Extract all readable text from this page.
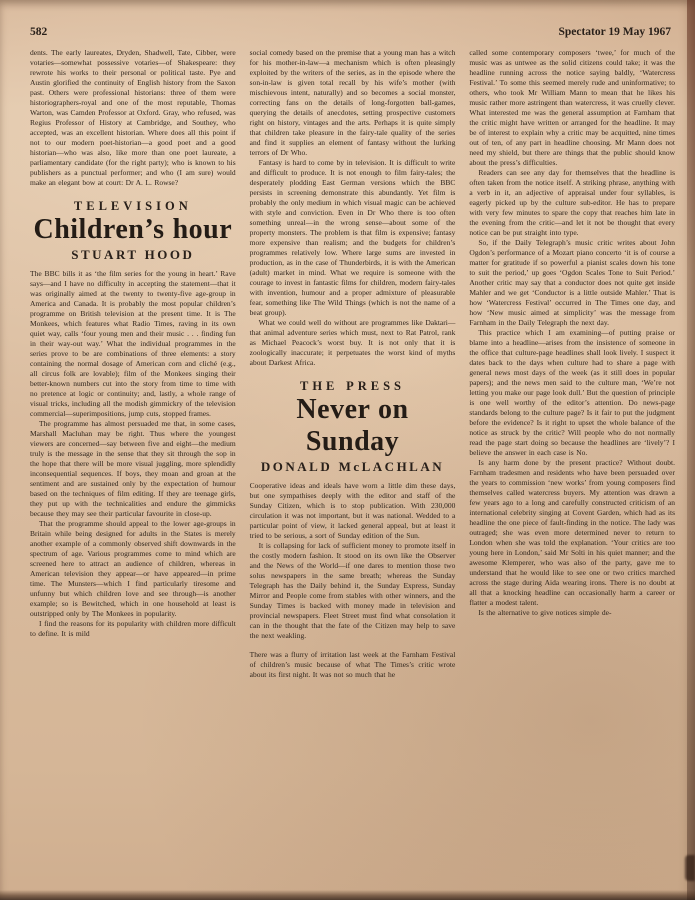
582	Spectator 19 May 1967

dents. The early laureates, Dryden, Shadwell, Tate, Cibber, were votaries—somewhat possessive votaries—of Shakespeare: they rewrote his works to their personal or political taste. Pye and Austin glorified the continuity of English history from the Saxon past. Others were professional historians: three of them were historiographers-royal and one of the most reputable, Thomas Warton, was Camden Professor at Oxford. Gray, who refused, was Regius Professor of History at Cambridge, and Southey, who accepted, was an excellent historian. Where does all this point if not to our modern poet-historian—a good poet and a good historian—who was also, like more than one poet laureate, a parliamentary candidate (for the right party); who is known to his publishers as a punctual performer; and who (I am sure) would make an elegant bow at court: Dr A. L. Rowse?

TELEVISION
Children’s hour
STUART HOOD

The BBC bills it as ‘the film series for the young in heart.’ Rave says—and I have no difficulty in accepting the statement—that it was originally aimed at the twenty to twenty-five age-group in America and Canada. It is probably the most popular children’s programme on British television at the present time. It is The Monkees, which features what Radio Times, raving in its own quiet way, calls ‘four young men and their music . . . finding fun in their way-out way.’ What the individual programmes in the series prove to be are combinations of three elements: a story containing the normal dosage of American corn and cliché (e.g., all circus folk are lovable); film of the Monkees singing their better-known numbers cut into the story from time to time with no pretence at logic or continuity; and, lastly, a whole range of visual tricks, including all the modish gimmickry of the television commercial—superimpositions, jump cuts, stopped frames.

The programme has almost persuaded me that, in some cases, Marshall Macluhan may be right. Thus where the youngest viewers are concerned—say between five and eight—the medium truly is the message in the sense that they sit through the sop in the hope that there will be more visual juggling, more splendidly inconsequential sequences. If boys, they moan and groan at the sentiment and are sustained only by the expectation of humour based on the techniques of film editing. If they are teenage girls, they put up with the technicalities and endure the gimmicks because they may see their particular favourite in close-up.

That the programme should appeal to the lower age-groups in Britain while being designed for adults in the States is merely another example of a commonly observed shift downwards in the spectrum of age. Various programmes come to mind which are screened here to attract an audience of children, whereas in American television they appear—or have appeared—in prime time. The Munsters—which I find particularly tiresome and unfunny but which children love and see through—is another example; so is Bewitched, which in one household at least is outstripped only by The Monkees in popularity.

I find the reasons for its popularity with children more difficult to define. It is mild

social comedy based on the premise that a young man has a witch for his mother-in-law—a mechanism which is often pleasingly exploited by the writers of the series, as in the episode where the son-in-law is given total recall by his wife’s mother (with mischievous intent, naturally) and so becomes a social monster, correcting fans on the details of long-forgotten ball-games, querying the details of anecdotes, setting prospective customers right on history, vintages and the arts. Perhaps it is quite simply that children take pleasure in the fairy-tale quality of the series and find it supplies an element of fantasy without the lurking terrors of Dr Who.

Fantasy is hard to come by in television. It is difficult to write and difficult to produce. It is not enough to film fairy-tales; the desperately plodding East German versions which the BBC persists in screening demonstrate this abundantly. Yet film is probably the only medium in which visual magic can be achieved with style and conviction. Even in Dr Who there is too often something unreal—in the wrong sense—about some of the property monsters. The problem is that film is expensive; fantasy more expensive than realism; and the budgets for children’s programmes relatively low. Where large sums are invested in production, as in the case of Thunderbirds, it is with the American (adult) market in mind. What we require is someone with the courage to invest in fantastic films for children, modern fairy-tales with invention, humour and a proper admixture of pleasurable fear, something like The Wild Things (which is not the name of a beat group).

What we could well do without are programmes like Daktari—that animal adventure series which must, next to Rat Patrol, rank as Michael Peacock’s worst buy. It is not only that it is zoologically inaccurate; it perpetuates the worst kind of myths about Darkest Africa.

THE PRESS
Never on Sunday
DONALD McLACHLAN

Cooperative ideas and ideals have worn a little dim these days, but one sympathises deeply with the editor and staff of the Sunday Citizen, which is to stop publication. With 230,000 circulation it was not important, but it was national. Wedded to a particular point of view, it lacked general appeal, but at least it tried to be serious, a sort of Sunday edition of the Sun.

It is collapsing for lack of sufficient money to promote itself in the costly modern fashion. It stood on its own like the Observer and the News of the World—if one dares to mention those two solus newspapers in the same breath; whereas the Sunday Telegraph has the Daily behind it, the Sunday Express, Sunday Mirror and People come from stables with other winners, and the Sunday Times is backed with money made in television and provincial newspapers. Fleet Street must find what consolation it can in the thought that the fate of the Citizen may help to save the next weakling.

There was a flurry of irritation last week at the Farnham Festival of children’s music because of what The Times’s critic wrote about its first night. It was not so much that he

called some contemporary composers ‘twee,’ for much of the music was as untwee as the solid citizens could take; it was the headline running across the notice saying baldly, ‘Watercress Festival.’ To some this seemed merely rude and uninformative; to others, who took Mr William Mann to mean that he likes his music rather more astringent than watercress, it was cruelly clever. What interested me was the general assumption at Farnham that the critic might have written or arranged for the headline. It may be of interest to explain why a critic may be acquitted, nine times out of ten, of any part in headline choosing. Mr Mann does not need my shield, but there are things that the public should know about the press’s difficulties.

Readers can see any day for themselves that the headline is often taken from the notice itself. A striking phrase, anything with a verb in it, an adjective of appraisal under four syllables, is eagerly picked up by the culture sub-editor. He has to prepare with very few minutes to spare the copy that reaches him late in the evening from the critic—and let it not be thought that every notice can be put straight into type.

So, if the Daily Telegraph’s music critic writes about John Ogdon’s performance of a Mozart piano concerto ‘it is of course a matter for gratitude if so powerful a pianist scales down his tone to suit the period,’ up goes ‘Ogdon Scales Tone to Suit Period.’ Another critic may say that a conductor does not quite get inside Mahler and we get ‘Conductor is a little outside Mahler.’ That is how ‘Watercress Festival’ occurred in The Times one day, and how ‘New music aimed at simplicity’ was the message from Farnham in the Daily Telegraph the next day.

This practice which I am examining—of putting praise or blame into a headline—arises from the insistence of someone in the office that culture-page headlines shall look lively. I suspect it dates back to the days when culture had to share a page with general news most days of the week (as it still does in popular papers); and the news men said to the culture man, ‘We’re not letting you make our page look dull.’ But the question of principle is one well worthy of the editor’s attention. Do news-page standards belong to the culture page? Is it fair to put the judgment before the evidence? Is it right to upset the whole balance of the notice as struck by the critic? Will people who do not normally read the page start doing so because the headlines are ‘lively’? I believe the answer in each case is No.

Is any harm done by the present practice? Without doubt. Farnham tradesmen and residents who have been persuaded over the years to commission ‘new works’ from young composers find themselves called watercress buyers. My attention was drawn a few years ago to a long and carefully constructed criticism of an international celebrity singing at Covent Garden, which had as its headline the one piece of fault-finding in the notice. The lady was outraged; she was even more determined never to return to London when she was told the explanation. ‘Your critics are too young here in London,’ said Mr Solti in his quiet manner; and the awesome Klemperer, who was also of the party, gave me to understand that he would like to see one or two critics marched across the stage during Aida wearing irons. There is no doubt at all that a knocking headline can occasionally harm a career or flatter a modest talent.

Is the alternative to give notices simple de-
